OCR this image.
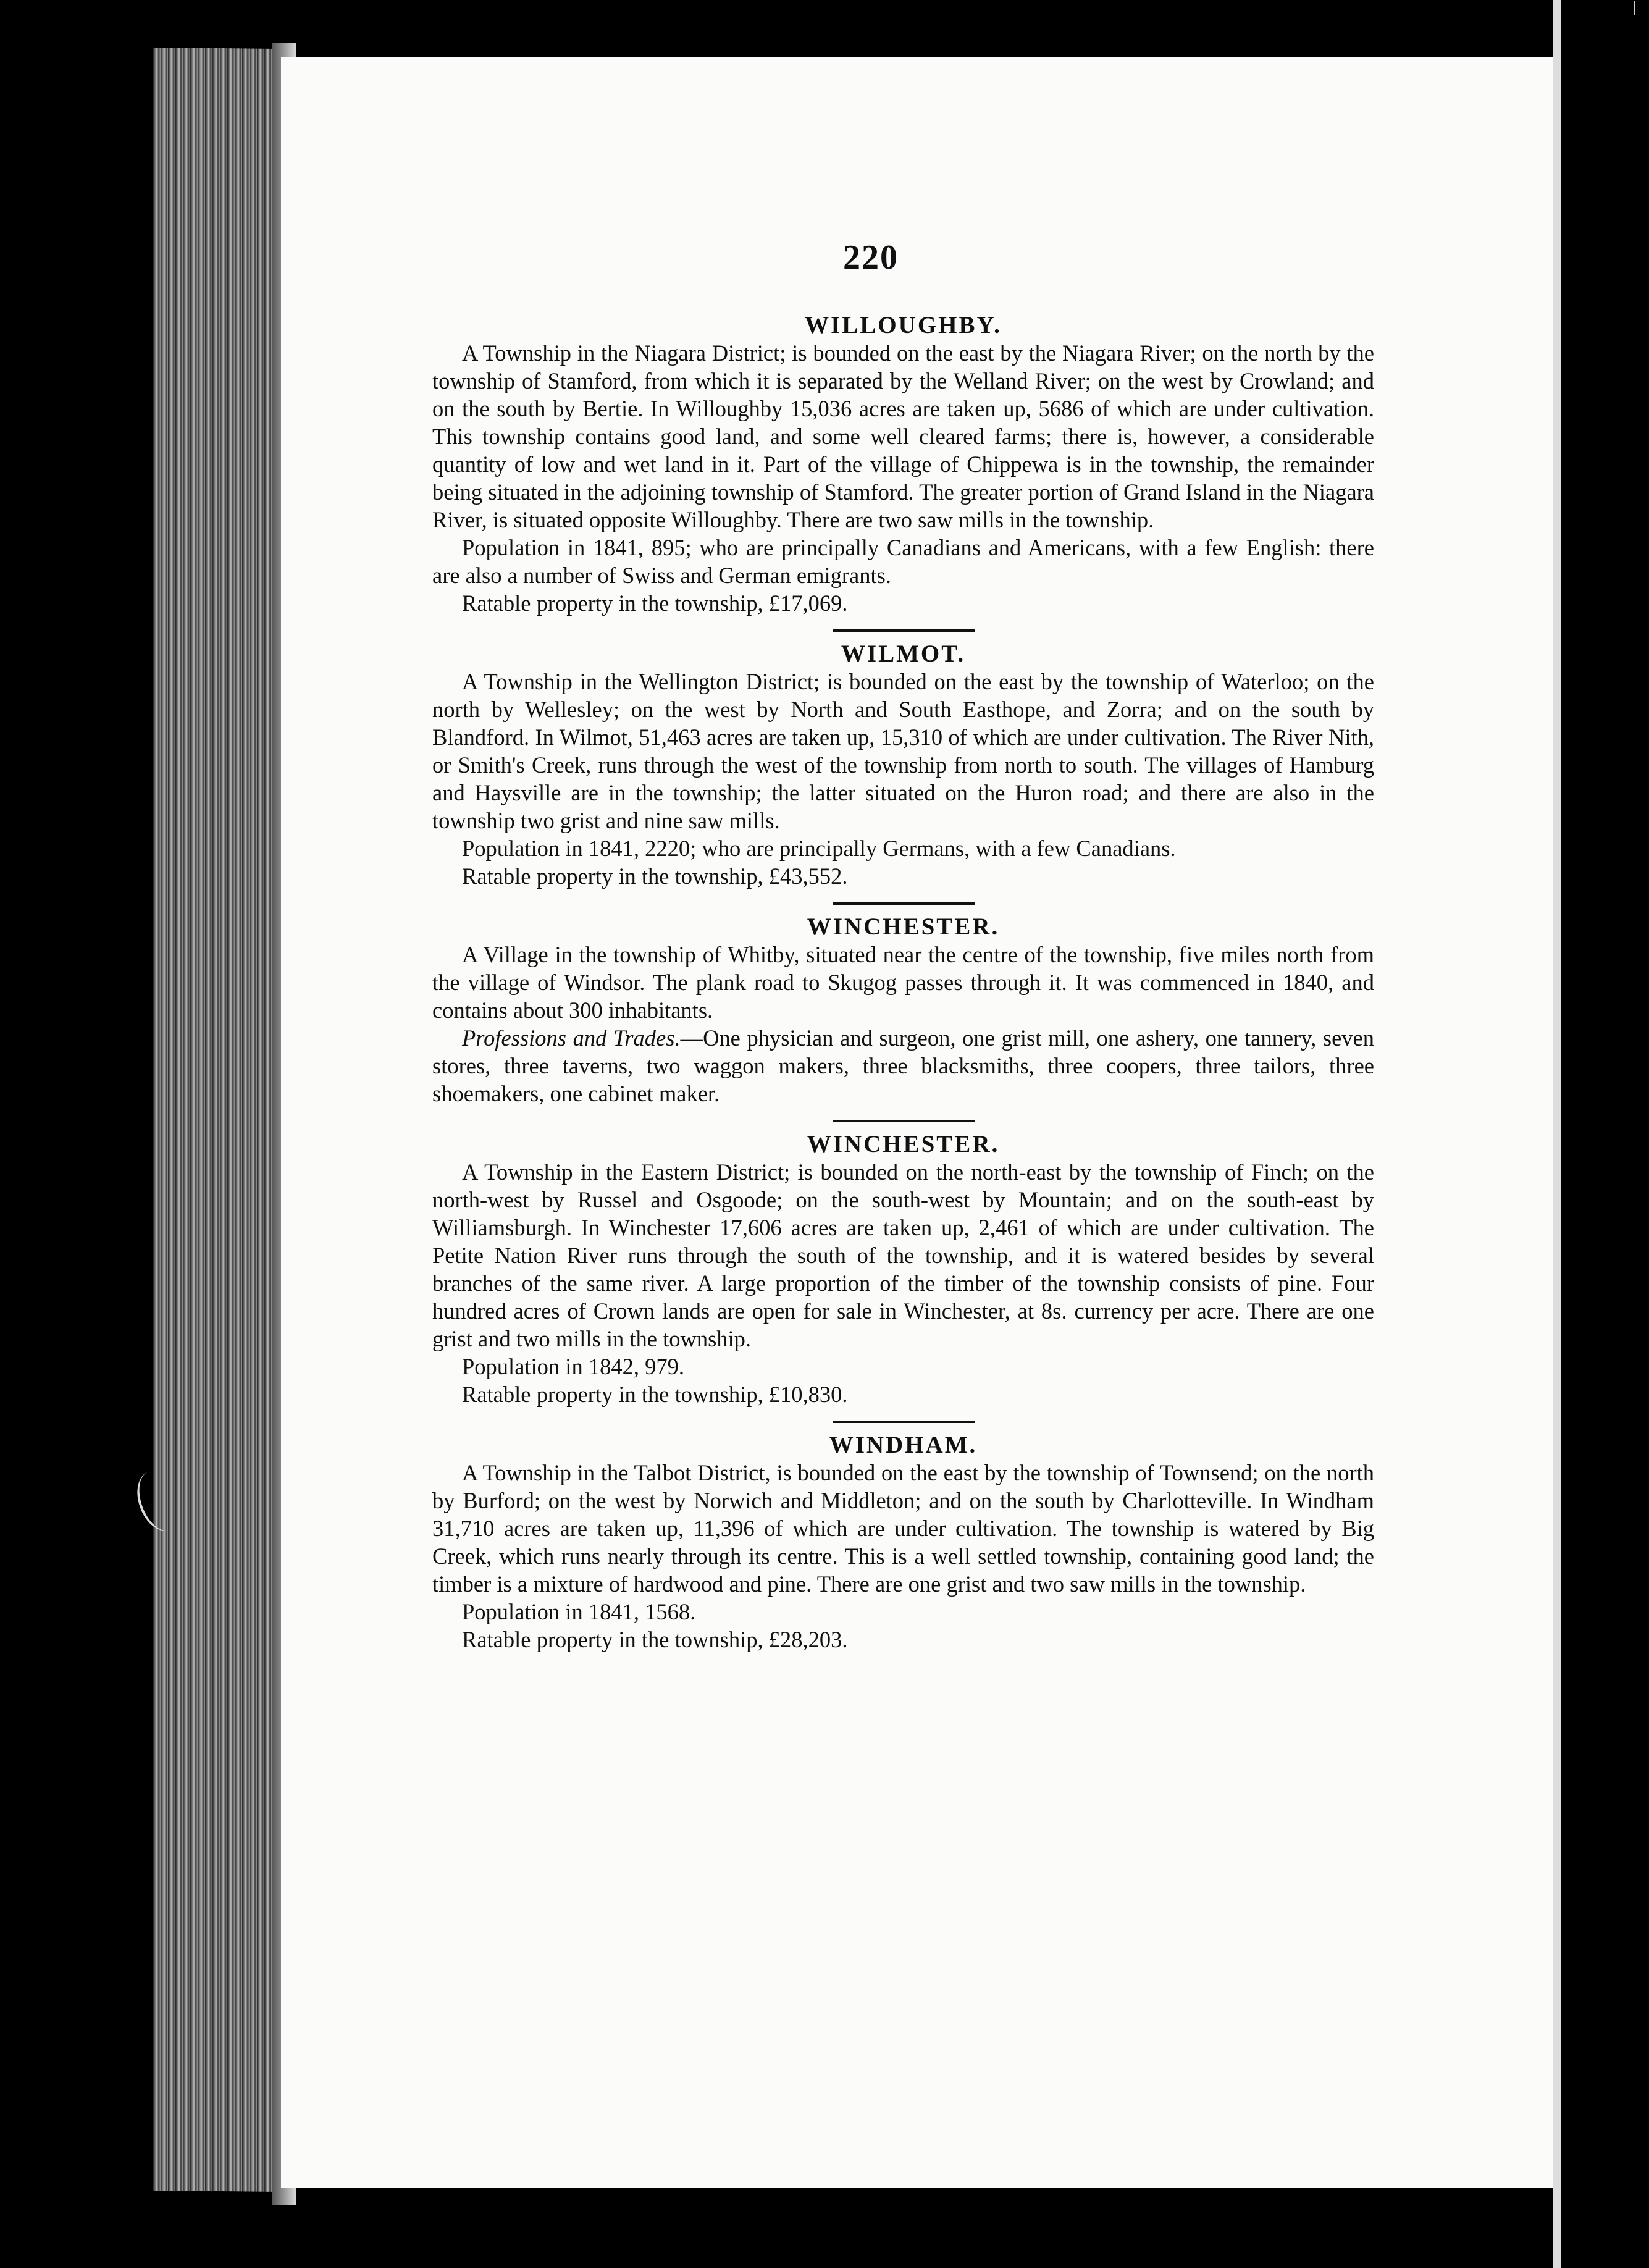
220
WILLOUGHBY.

A Township in the Niagara District; is bounded on the east by the Niagara River; on the north by the township of Stamford, from which it is separated by the Welland River; on the west by Crowland; and on the south by Bertie. In Willoughby 15,036 acres are taken up, 5686 of which are under cultivation. This township contains good land, and some well cleared farms; there is, however, a considerable quantity of low and wet land in it. Part of the village of Chippewa is in the township, the remainder being situated in the adjoining township of Stamford. The greater portion of Grand Island in the Niagara River, is situated opposite Willoughby. There are two saw mills in the township.

Population in 1841, 895; who are principally Canadians and Americans, with a few English: there are also a number of Swiss and German emigrants.

Ratable property in the township, £17,069.

WILMOT.

A Township in the Wellington District; is bounded on the east by the township of Waterloo; on the north by Wellesley; on the west by North and South Easthope, and Zorra; and on the south by Blandford. In Wilmot, 51,463 acres are taken up, 15,310 of which are under cultivation. The River Nith, or Smith's Creek, runs through the west of the township from north to south. The villages of Hamburg and Haysville are in the township; the latter situated on the Huron road; and there are also in the township two grist and nine saw mills.

Population in 1841, 2220; who are principally Germans, with a few Canadians.

Ratable property in the township, £43,552.

WINCHESTER.

A Village in the township of Whitby, situated near the centre of the township, five miles north from the village of Windsor. The plank road to Skugog passes through it. It was commenced in 1840, and contains about 300 inhabitants.

Professions and Trades.—One physician and surgeon, one grist mill, one ashery, one tannery, seven stores, three taverns, two waggon makers, three blacksmiths, three coopers, three tailors, three shoemakers, one cabinet maker.

WINCHESTER.

A Township in the Eastern District; is bounded on the north-east by the township of Finch; on the north-west by Russel and Osgoode; on the south-west by Mountain; and on the south-east by Williamsburgh. In Winchester 17,606 acres are taken up, 2,461 of which are under cultivation. The Petite Nation River runs through the south of the township, and it is watered besides by several branches of the same river. A large proportion of the timber of the township consists of pine. Four hundred acres of Crown lands are open for sale in Winchester, at 8s. currency per acre. There are one grist and two mills in the township.

Population in 1842, 979.

Ratable property in the township, £10,830.

WINDHAM.

A Township in the Talbot District, is bounded on the east by the township of Townsend; on the north by Burford; on the west by Norwich and Middleton; and on the south by Charlotteville. In Windham 31,710 acres are taken up, 11,396 of which are under cultivation. The township is watered by Big Creek, which runs nearly through its centre. This is a well settled township, containing good land; the timber is a mixture of hardwood and pine. There are one grist and two saw mills in the township.

Population in 1841, 1568.

Ratable property in the township, £28,203.
